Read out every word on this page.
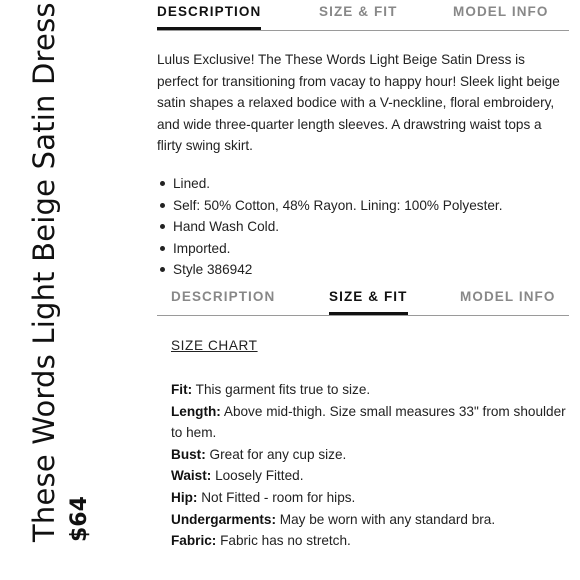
These Words Light Beige Satin Dress $64
DESCRIPTION	SIZE & FIT	MODEL INFO

Lulus Exclusive! The These Words Light Beige Satin Dress is perfect for transitioning from vacay to happy hour! Sleek light beige satin shapes a relaxed bodice with a V-neckline, floral embroidery, and wide three-quarter length sleeves. A drawstring waist tops a flirty swing skirt.

Lined.
Self: 50% Cotton, 48% Rayon. Lining: 100% Polyester.
Hand Wash Cold.
Imported.
Style 386942
DESCRIPTION	SIZE & FIT	MODEL INFO
SIZE CHART

Fit: This garment fits true to size.

Length: Above mid-thigh. Size small measures 33" from shoulder to hem.

Bust: Great for any cup size.

Waist: Loosely Fitted.

Hip: Not Fitted - room for hips.

Undergarments: May be worn with any standard bra.

Fabric: Fabric has no stretch.
